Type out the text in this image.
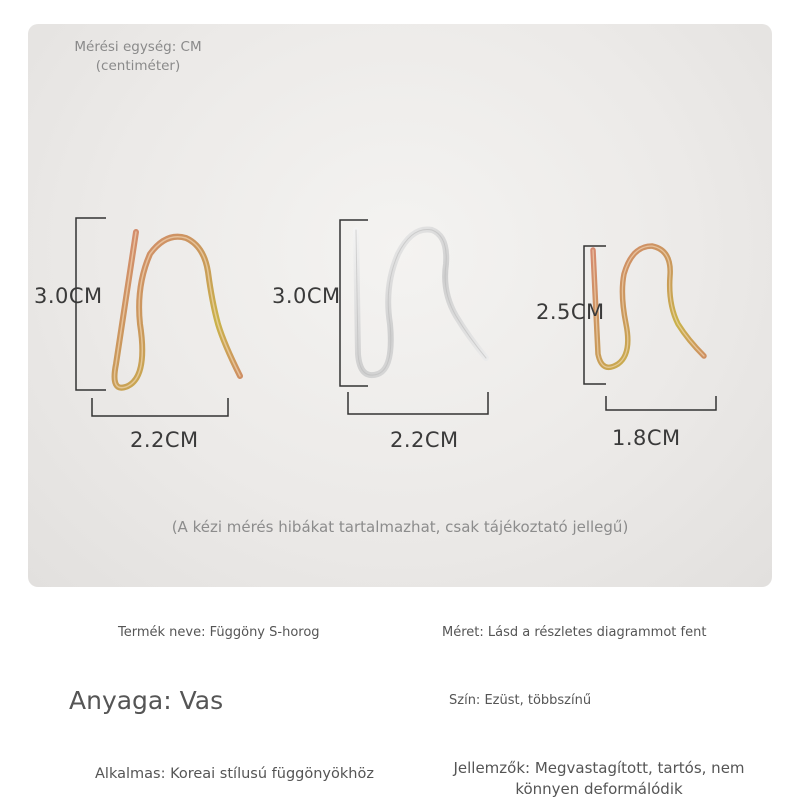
Mérési egység: CM
(centiméter)
3.0CM
2.2CM
3.0CM
2.2CM
2.5CM
1.8CM
(A kézi mérés hibákat tartalmazhat, csak tájékoztató jellegű)
Termék neve: Függöny S-horog	Méret: Lásd a részletes diagrammot fent
Anyaga: Vas	Szín: Ezüst, többszínű
Alkalmas: Koreai stílusú függönyökhöz	Jellemzők: Megvastagított, tartós, nem könnyen deformálódik
